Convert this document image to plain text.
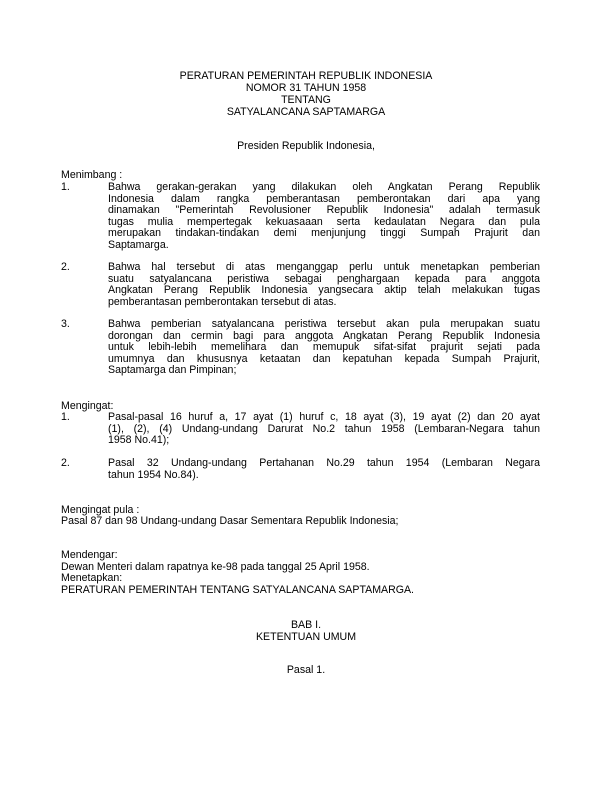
PERATURAN PEMERINTAH REPUBLIK INDONESIA
NOMOR 31 TAHUN 1958
TENTANG
SATYALANCANA SAPTAMARGA
Presiden Republik Indonesia,
Menimbang :
1.	Bahwa gerakan-gerakan yang dilakukan oleh Angkatan Perang Republik
Indonesia dalam rangka pemberantasan pemberontakan dari apa yang
dinamakan "Pemerintah Revolusioner Republik Indonesia" adalah termasuk
tugas mulia mempertegak kekuasaaan serta kedaulatan Negara dan pula
merupakan tindakan-tindakan demi menjunjung tinggi Sumpah Prajurit dan
Saptamarga.
2.	Bahwa hal tersebut di atas menganggap perlu untuk menetapkan pemberian
suatu satyalancana peristiwa sebagai penghargaan kepada para anggota
Angkatan Perang Republik Indonesia yangsecara aktip telah melakukan tugas
pemberantasan pemberontakan tersebut di atas.
3.	Bahwa pemberian satyalancana peristiwa tersebut akan pula merupakan suatu
dorongan dan cermin bagi para anggota Angkatan Perang Republik Indonesia
untuk lebih-lebih memelihara dan memupuk sifat-sifat prajurit sejati pada
umumnya dan khususnya ketaatan dan kepatuhan kepada Sumpah Prajurit,
Saptamarga dan Pimpinan;
Mengingat:
1.	Pasal-pasal 16 huruf a, 17 ayat (1) huruf c, 18 ayat (3), 19 ayat (2) dan 20 ayat
(1), (2), (4) Undang-undang Darurat No.2 tahun 1958 (Lembaran-Negara tahun
1958 No.41);
2.	Pasal 32 Undang-undang Pertahanan No.29 tahun 1954 (Lembaran Negara
tahun 1954 No.84).
Mengingat pula :
Pasal 87 dan 98 Undang-undang Dasar Sementara Republik Indonesia;
Mendengar:
Dewan Menteri dalam rapatnya ke-98 pada tanggal 25 April 1958.
Menetapkan:
PERATURAN PEMERINTAH TENTANG SATYALANCANA SAPTAMARGA.
BAB I.
KETENTUAN UMUM
Pasal 1.
